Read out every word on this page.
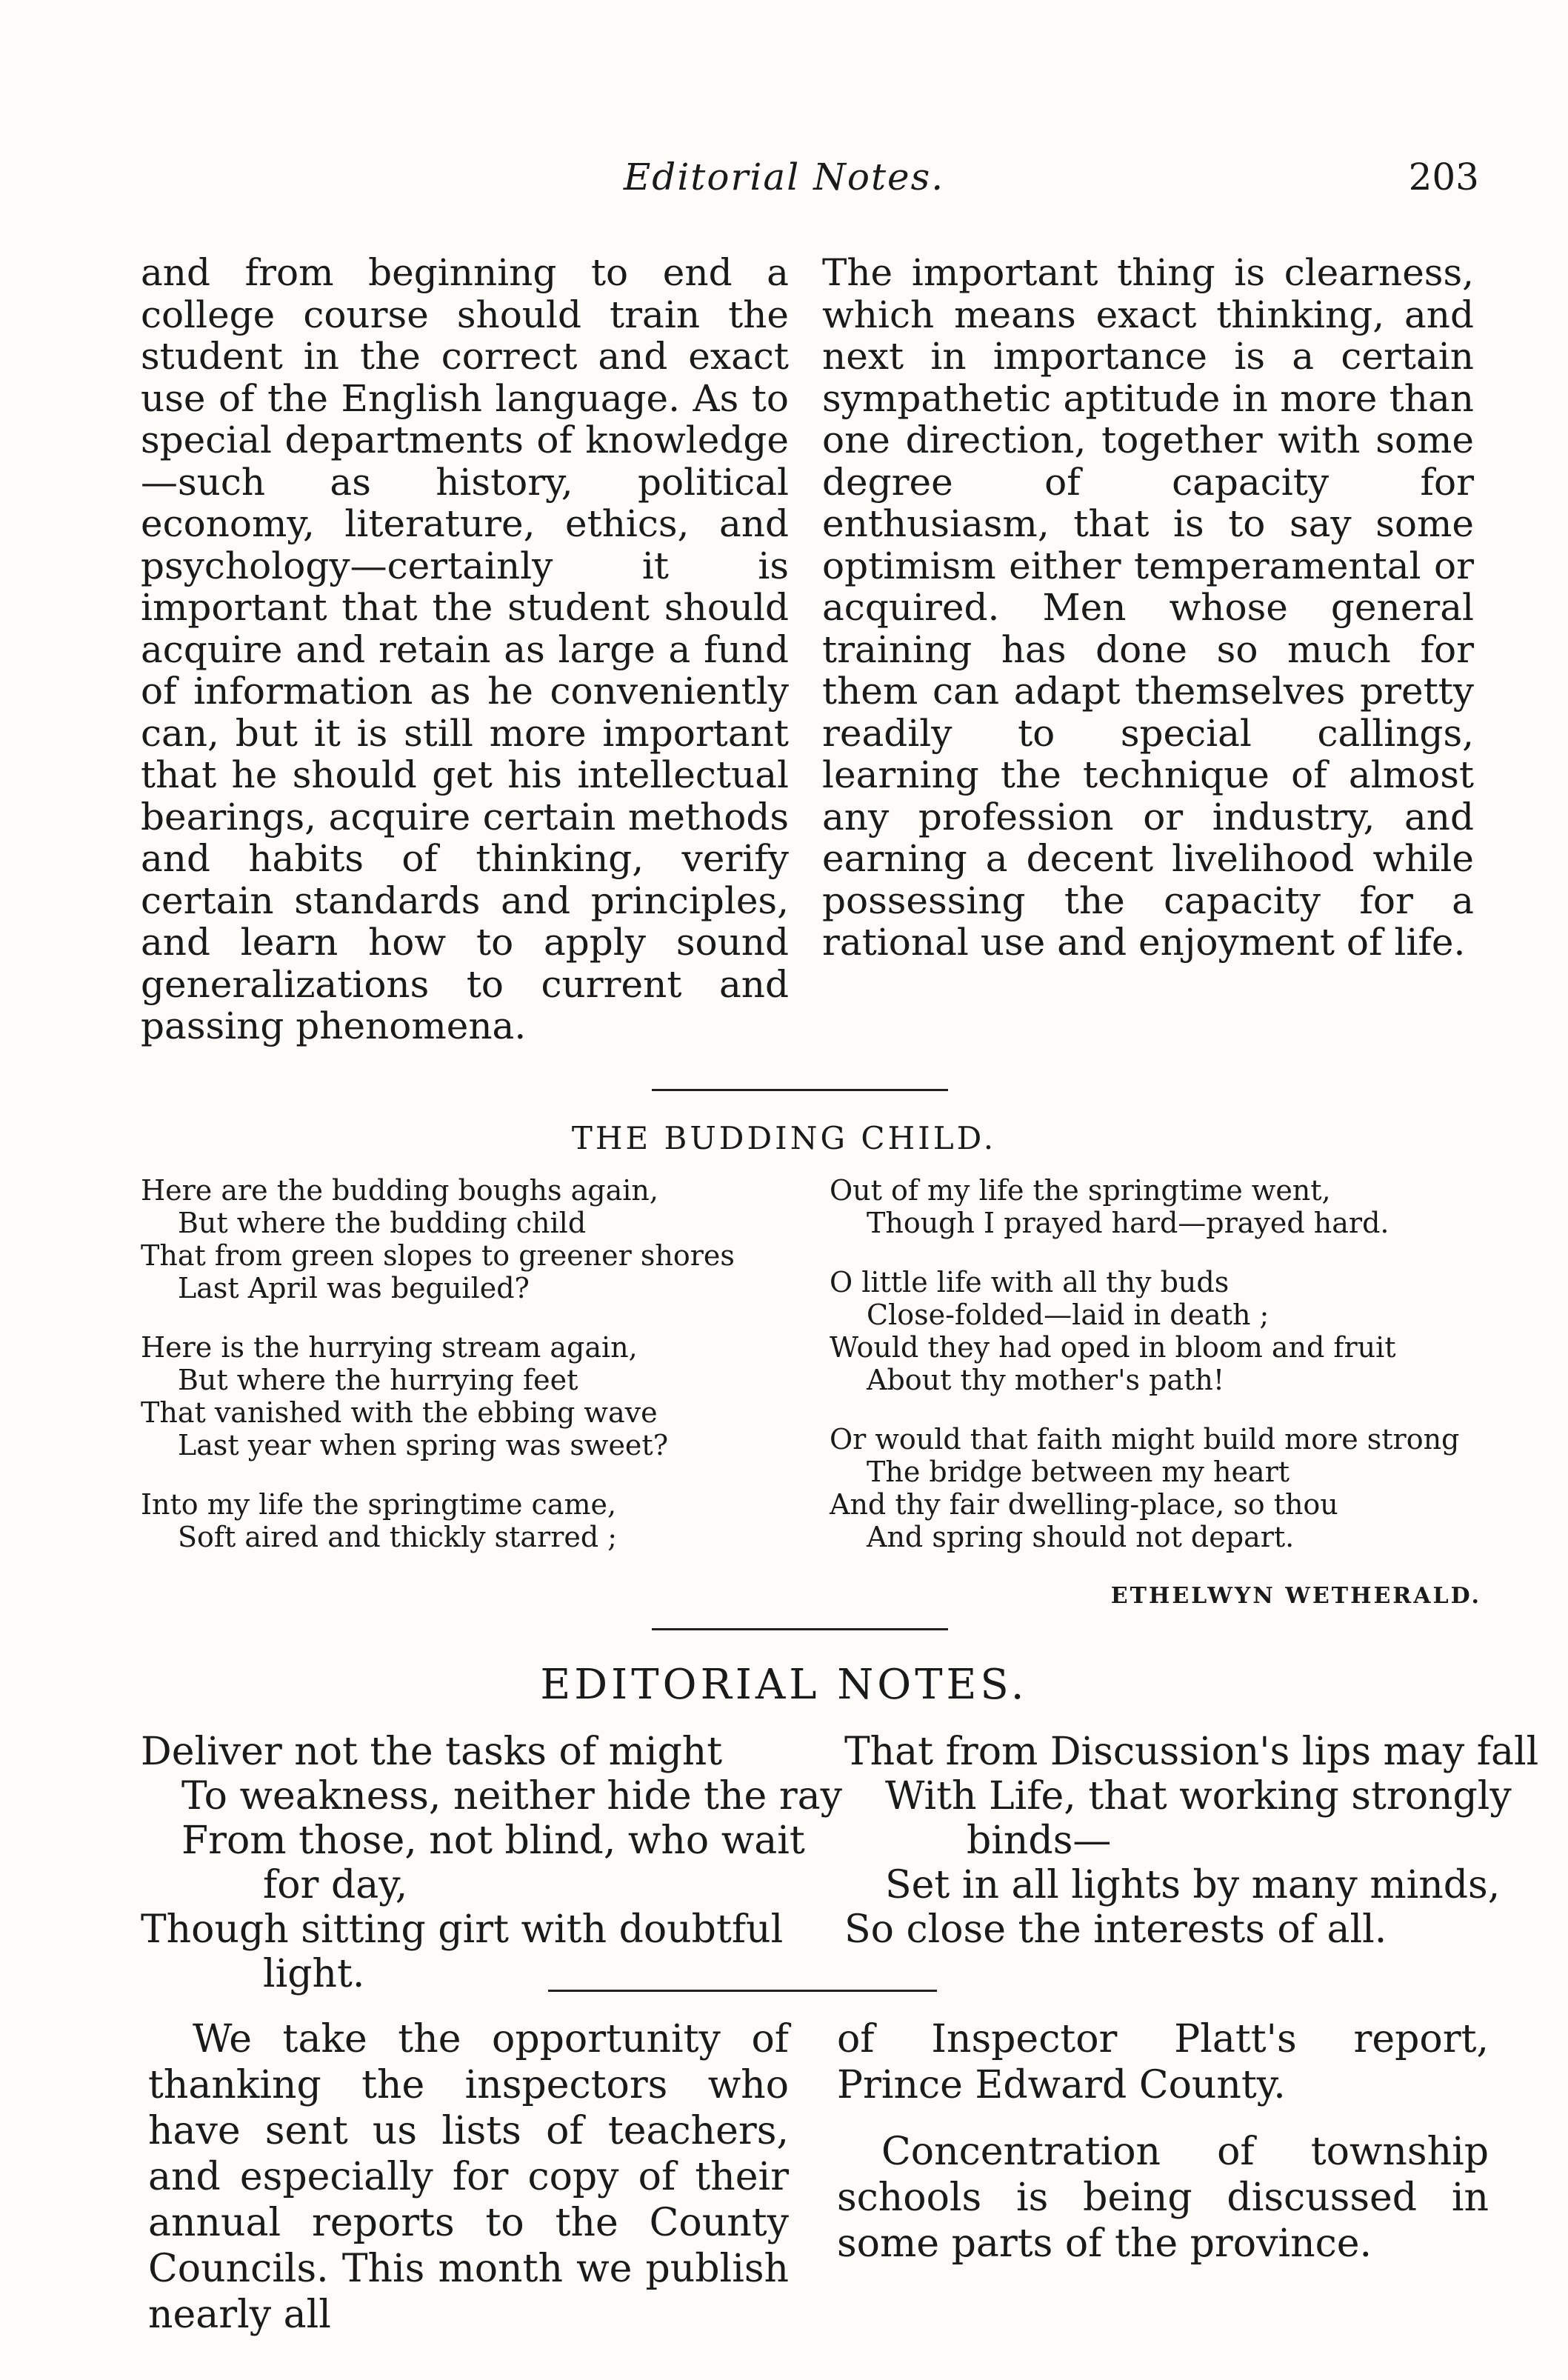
Editorial Notes.	203

and from beginning to end a college course should train the student in the correct and exact use of the English language. As to special departments of knowledge —such as history, political economy, literature, ethics, and psychology—certainly it is important that the student should acquire and retain as large a fund of information as he conveniently can, but it is still more important that he should get his intellectual bearings, acquire certain methods and habits of thinking, verify certain standards and principles, and learn how to apply sound generalizations to current and passing phenomena.

The important thing is clearness, which means exact thinking, and next in importance is a certain sympathetic aptitude in more than one direction, together with some degree of capacity for enthusiasm, that is to say some optimism either temperamental or acquired. Men whose general training has done so much for them can adapt themselves pretty readily to special callings, learning the technique of almost any profession or industry, and earning a decent livelihood while possessing the capacity for a rational use and enjoyment of life.

THE BUDDING CHILD.
Here are the budding boughs again,
But where the budding child
That from green slopes to greener shores
Last April was beguiled?
Here is the hurrying stream again,
But where the hurrying feet
That vanished with the ebbing wave
Last year when spring was sweet?
Into my life the springtime came,
Soft aired and thickly starred ;
Out of my life the springtime went,
Though I prayed hard—prayed hard.
O little life with all thy buds
Close-folded—laid in death ;
Would they had oped in bloom and fruit
About thy mother's path!
Or would that faith might build more strong
The bridge between my heart
And thy fair dwelling-place, so thou
And spring should not depart.
ETHELWYN WETHERALD.
EDITORIAL NOTES.
Deliver not the tasks of might
To weakness, neither hide the ray
From those, not blind, who wait
for day,
Though sitting girt with doubtful
light.
That from Discussion's lips may fall
With Life, that working strongly
binds—
Set in all lights by many minds,
So close the interests of all.

We take the opportunity of thanking the inspectors who have sent us lists of teachers, and especially for copy of their annual reports to the County Councils. This month we publish nearly all

of Inspector Platt's report, Prince Edward County.

Concentration of township schools is being discussed in some parts of the province.
